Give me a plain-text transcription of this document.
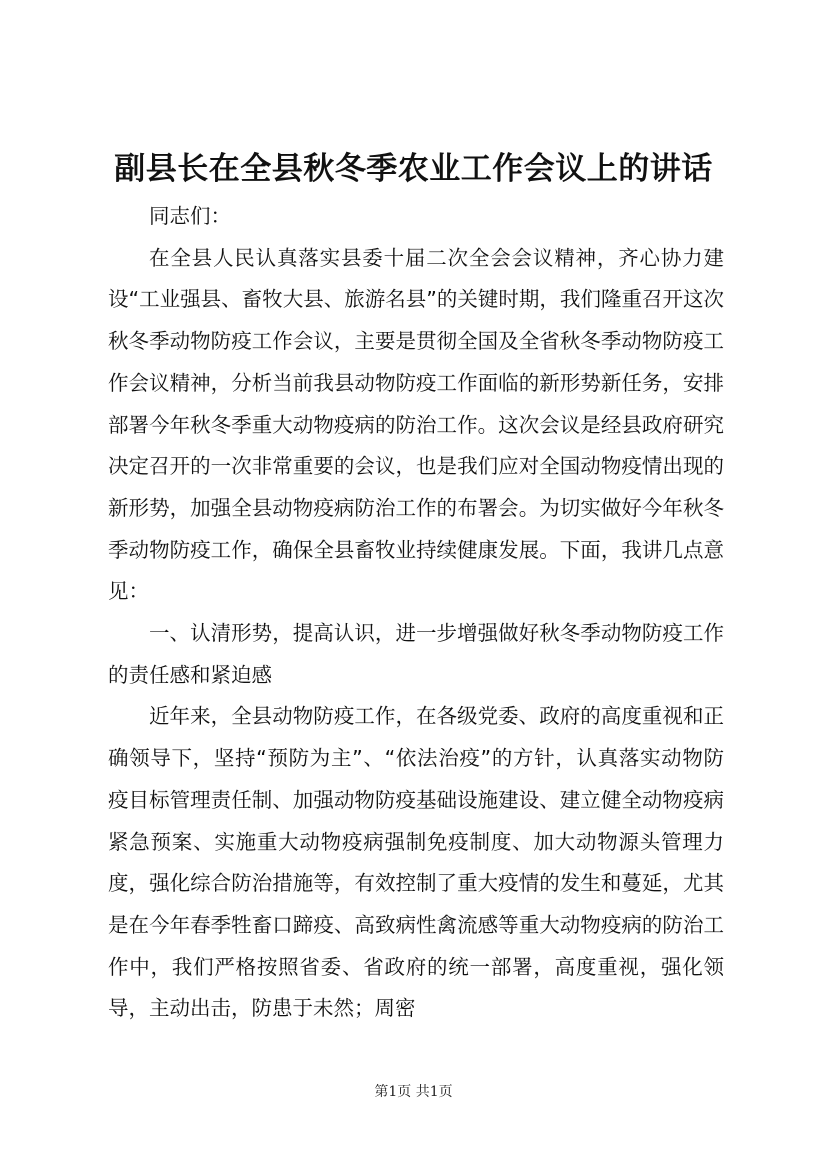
副县长在全县秋冬季农业工作会议上的讲话

同志们：

在全县人民认真落实县委十届二次全会会议精神，齐心协力建设“工业强县、畜牧大县、旅游名县”的关键时期，我们隆重召开这次秋冬季动物防疫工作会议，主要是贯彻全国及全省秋冬季动物防疫工作会议精神，分析当前我县动物防疫工作面临的新形势新任务，安排部署今年秋冬季重大动物疫病的防治工作。这次会议是经县政府研究决定召开的一次非常重要的会议，也是我们应对全国动物疫情出现的新形势，加强全县动物疫病防治工作的布署会。为切实做好今年秋冬季动物防疫工作，确保全县畜牧业持续健康发展。下面，我讲几点意见：

一、认清形势，提高认识，进一步增强做好秋冬季动物防疫工作的责任感和紧迫感

近年来，全县动物防疫工作，在各级党委、政府的高度重视和正确领导下，坚持“预防为主”、“依法治疫”的方针，认真落实动物防疫目标管理责任制、加强动物防疫基础设施建设、建立健全动物疫病紧急预案、实施重大动物疫病强制免疫制度、加大动物源头管理力度，强化综合防治措施等，有效控制了重大疫情的发生和蔓延，尤其是在今年春季牲畜口蹄疫、高致病性禽流感等重大动物疫病的防治工作中，我们严格按照省委、省政府的统一部署，高度重视，强化领导，主动出击，防患于未然；周密

第1页 共1页
